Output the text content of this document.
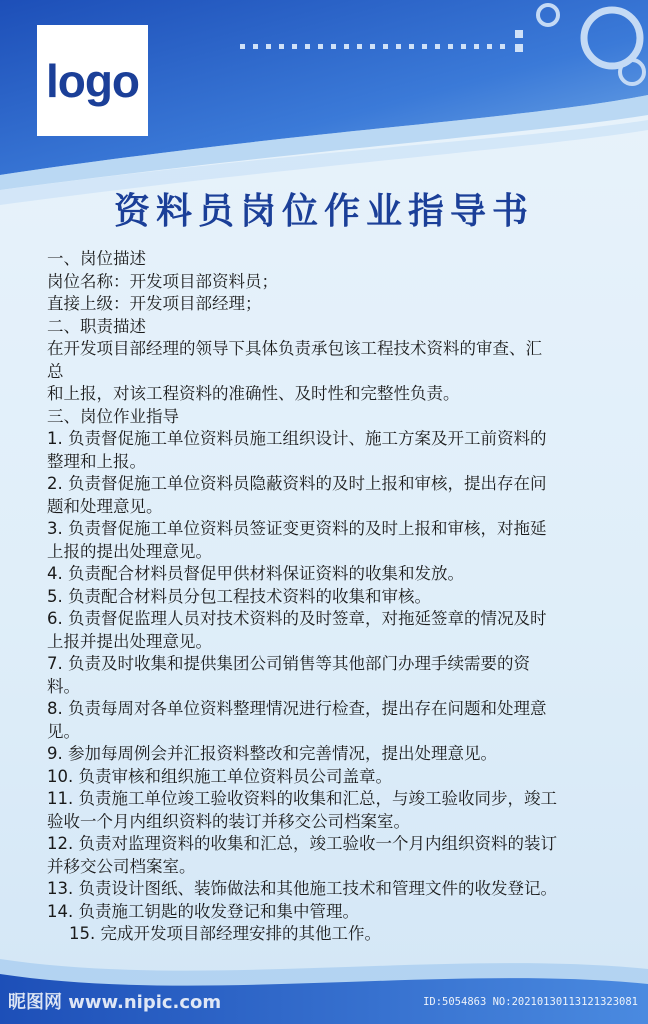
logo
资料员岗位作业指导书
一、岗位描述
岗位名称：开发项目部资料员；
直接上级：开发项目部经理；
二、职责描述
在开发项目部经理的领导下具体负责承包该工程技术资料的审查、汇
总
和上报，对该工程资料的准确性、及时性和完整性负责。
三、岗位作业指导
1. 负责督促施工单位资料员施工组织设计、施工方案及开工前资料的
整理和上报。
2. 负责督促施工单位资料员隐蔽资料的及时上报和审核，提出存在问
题和处理意见。
3. 负责督促施工单位资料员签证变更资料的及时上报和审核，对拖延
上报的提出处理意见。
4. 负责配合材料员督促甲供材料保证资料的收集和发放。
5. 负责配合材料员分包工程技术资料的收集和审核。
6. 负责督促监理人员对技术资料的及时签章，对拖延签章的情况及时
上报并提出处理意见。
7. 负责及时收集和提供集团公司销售等其他部门办理手续需要的资
料。
8. 负责每周对各单位资料整理情况进行检查，提出存在问题和处理意
见。
9. 参加每周例会并汇报资料整改和完善情况，提出处理意见。
10. 负责审核和组织施工单位资料员公司盖章。
11. 负责施工单位竣工验收资料的收集和汇总，与竣工验收同步，竣工
验收一个月内组织资料的装订并移交公司档案室。
12. 负责对监理资料的收集和汇总，竣工验收一个月内组织资料的装订
并移交公司档案室。
13. 负责设计图纸、装饰做法和其他施工技术和管理文件的收发登记。
14. 负责施工钥匙的收发登记和集中管理。
15. 完成开发项目部经理安排的其他工作。
昵图网 www.nipic.com	ID:5054863 NO:20210130113121323081
